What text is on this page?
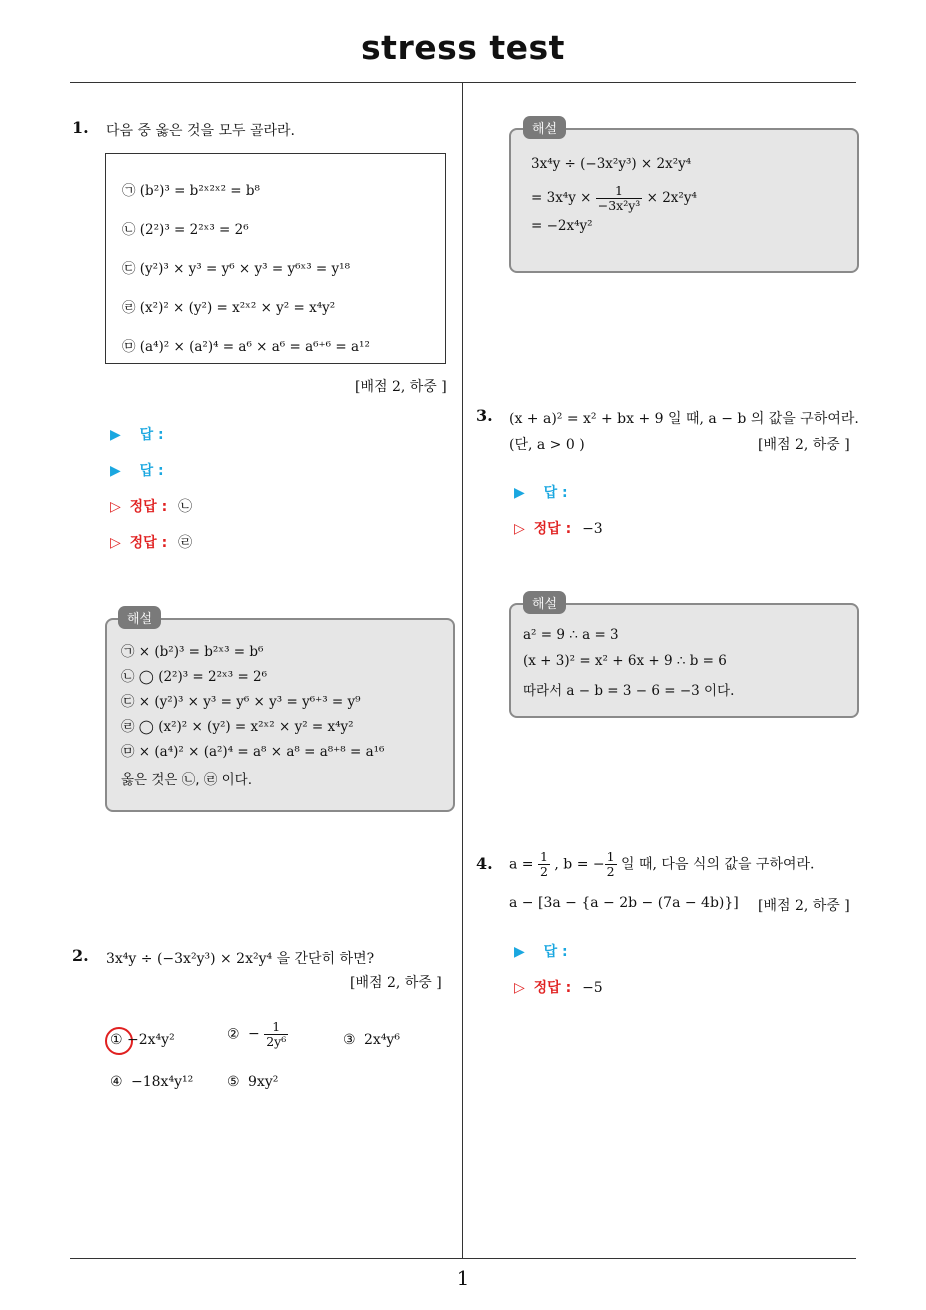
stress test
1
1. 다음 중 옳은 것을 모두 골라라.
㉠ (b²)³ = b²ˣ²ˣ² = b⁸
㉡ (2²)³ = 2²ˣ³ = 2⁶
㉢ (y²)³ × y³ = y⁶ × y³ = y⁶ˣ³ = y¹⁸
㉣ (x²)² × (y²) = x²ˣ² × y² = x⁴y²
㉤ (a⁴)² × (a²)⁴ = a⁶ × a⁶ = a⁶⁺⁶ = a¹²
[배점 2, 하중 ]
▶ 답 :
▶ 답 :
▷ 정답 : ㉡
▷ 정답 : ㉣
㉠ × (b²)³ = b²ˣ³ = b⁶
㉡ ◯ (2²)³ = 2²ˣ³ = 2⁶
㉢ × (y²)³ × y³ = y⁶ × y³ = y⁶⁺³ = y⁹
㉣ ◯ (x²)² × (y²) = x²ˣ² × y² = x⁴y²
㉤ × (a⁴)² × (a²)⁴ = a⁸ × a⁸ = a⁸⁺⁸ = a¹⁶
옳은 것은 ㉡, ㉣ 이다.
해설
2. 3x⁴y ÷ (−3x²y³) × 2x²y⁴ 을 간단히 하면?
[배점 2, 하중 ]
① −2x⁴y²	② − $\frac{1}{\text{2y⁶}}$	③ 2x⁴y⁶
④ −18x⁴y¹² ⑤ 9xy²
3x⁴y ÷ (−3x²y³) × 2x²y⁴
= $3x^4y \times \frac{1}{\text{−3x²y³}} \times 2x^2y^4$
= −2x⁴y²
해설
3. (x + a)² = x² + bx + 9 일 때, a − b 의 값을 구하여라.
(단, a > 0 )	[배점 2, 하중 ]
▶ 답 :
▷ 정답 : −3
a² = 9 ∴ a = 3
(x + 3)² = x² + 6x + 9 ∴ b = 6
따라서 a − b = 3 − 6 = −3 이다.
해설
4. $a = \frac{1}{2}$ , b = − $\frac{1}{2}$ 일 때, 다음 식의 값을 구하여라.
a − [3a − {a − 2b − (7a − 4b)}] [배점 2, 하중 ]
▶ 답 :
▷ 정답 : −5
